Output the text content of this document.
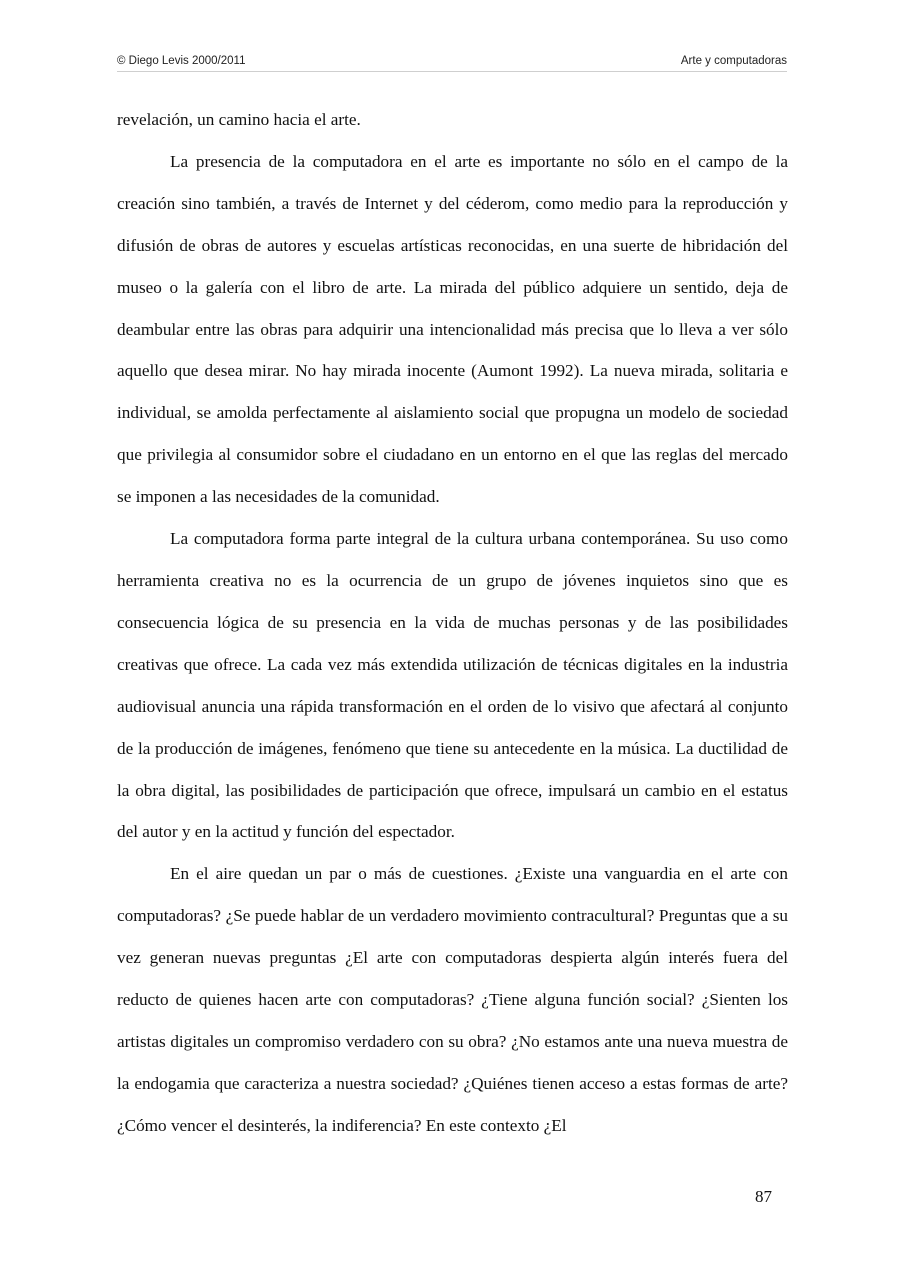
© Diego Levis 2000/2011	Arte y computadoras

revelación, un camino hacia el arte.

La presencia de la computadora en el arte es importante no sólo en el campo de la creación sino también, a través de Internet y del céderom, como medio para la reproducción y difusión de obras de autores y escuelas artísticas reconocidas, en una suerte de hibridación del museo o la galería con el libro de arte. La mirada del público adquiere un sentido, deja de deambular entre las obras para adquirir una intencionalidad más precisa que lo lleva a ver sólo aquello que desea mirar. No hay mirada inocente (Aumont 1992). La nueva mirada, solitaria e individual, se amolda perfectamente al aislamiento social que propugna un modelo de sociedad que privilegia al consumidor sobre el ciudadano en un entorno en el que las reglas del mercado se imponen a las necesidades de la comunidad.

La computadora forma parte integral de la cultura urbana contemporánea. Su uso como herramienta creativa no es la ocurrencia de un grupo de jóvenes inquietos sino que es consecuencia lógica de su presencia en la vida de muchas personas y de las posibilidades creativas que ofrece. La cada vez más extendida utilización de técnicas digitales en la industria audiovisual anuncia una rápida transformación en el orden de lo visivo que afectará al conjunto de la producción de imágenes, fenómeno que tiene su antecedente en la música. La ductilidad de la obra digital, las posibilidades de participación que ofrece, impulsará un cambio en el estatus del autor y en la actitud y función del espectador.

En el aire quedan un par o más de cuestiones. ¿Existe una vanguardia en el arte con computadoras? ¿Se puede hablar de un verdadero movimiento contracultural? Preguntas que a su vez generan nuevas preguntas ¿El arte con computadoras despierta algún interés fuera del reducto de quienes hacen arte con computadoras? ¿Tiene alguna función social? ¿Sienten los artistas digitales un compromiso verdadero con su obra? ¿No estamos ante una nueva muestra de la endogamia que caracteriza a nuestra sociedad? ¿Quiénes tienen acceso a estas formas de arte? ¿Cómo vencer el desinterés, la indiferencia? En este contexto ¿El

87
